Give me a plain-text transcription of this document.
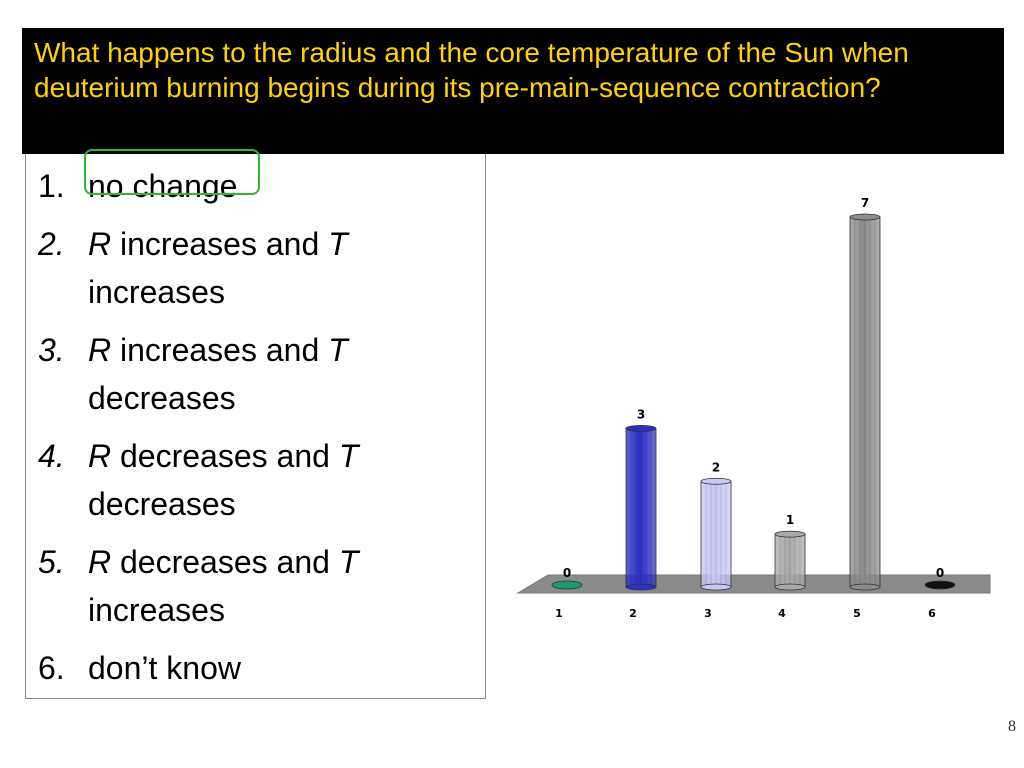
What happens to the radius and the core temperature of the Sun when deuterium burning begins during its pre-main-sequence contraction?
1. no change
2. R increases and T increases
3. R increases and T decreases
4. R decreases and T decreases
5. R decreases and T increases
6. don’t know
0
1
3
2
2
3
1
4
7
5
0
6
8
